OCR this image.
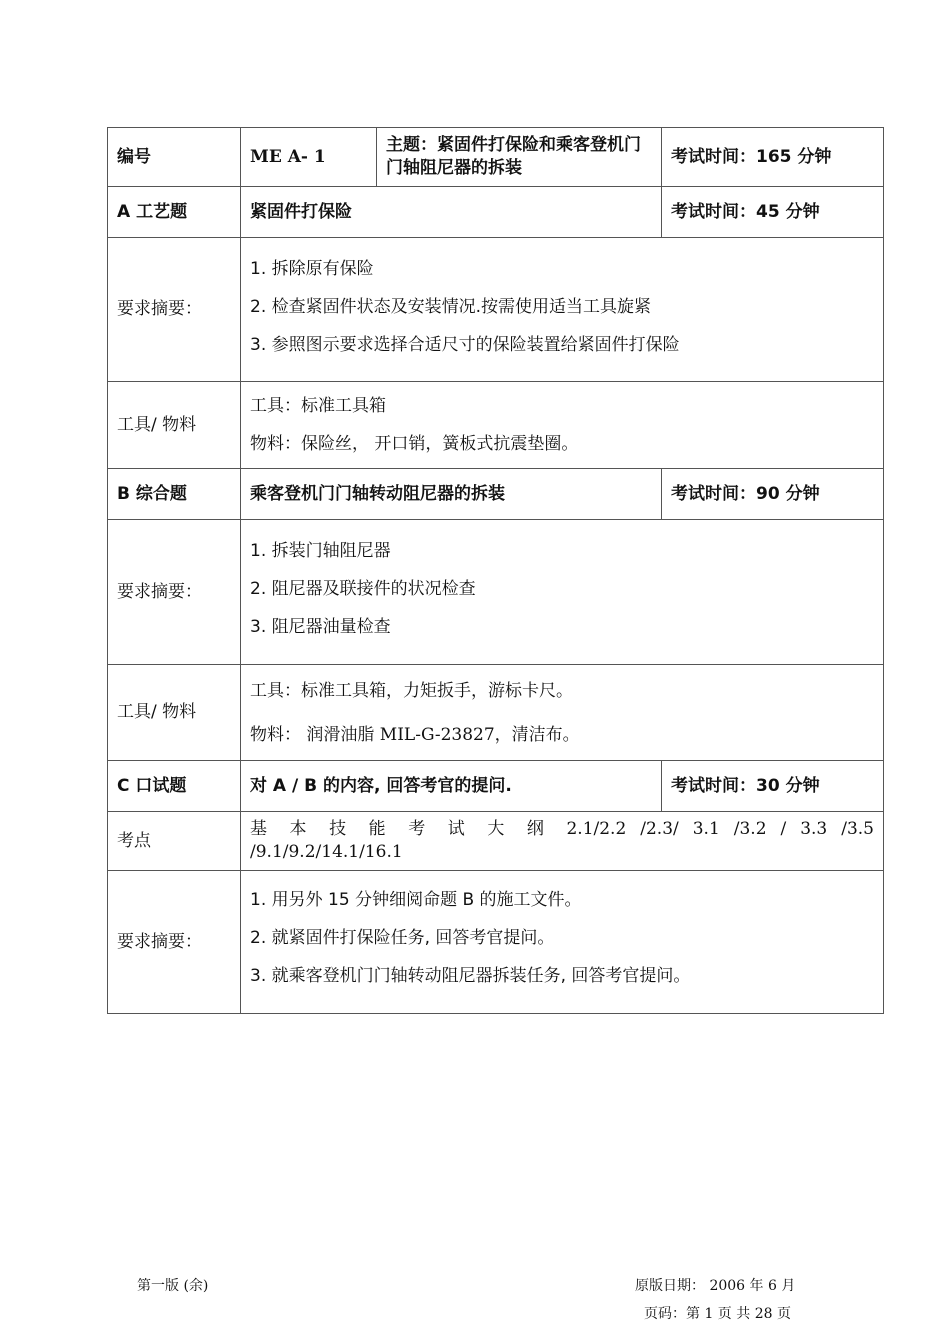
编号	ME A- 1	主题：紧固件打保险和乘客登机门门轴阻尼器的拆装	考试时间：165 分钟
A 工艺题	紧固件打保险		考试时间：45 分钟
要求摘要：	1. 拆除原有保险
2. 检查紧固件状态及安装情况.按需使用适当工具旋紧
3. 参照图示要求选择合适尺寸的保险装置给紧固件打保险		

工具/ 物料	工具：标准工具箱
物料：保险丝， 开口销，簧板式抗震垫圈。		

B 综合题	乘客登机门门轴转动阻尼器的拆装		考试时间：90 分钟
要求摘要：	1. 拆装门轴阻尼器
2. 阻尼器及联接件的状况检查
3. 阻尼器油量检查		

工具/ 物料	工具：标准工具箱，力矩扳手，游标卡尺。
物料： 润滑油脂 MIL-G-23827，清洁布。		

C 口试题	对 A / B 的内容, 回答考官的提问.		考试时间：30 分钟
考点	基 本 技 能 考 试 大 纲 2.1/2.2 /2.3/ 3.1 /3.2 / 3.3 /3.5
/9.1/9.2/14.1/16.1		

要求摘要：	1. 用另外 15 分钟细阅命题 B 的施工文件。
2. 就紧固件打保险任务, 回答考官提问。
3. 就乘客登机门门轴转动阻尼器拆装任务, 回答考官提问。		
第一版 (余)	原版日期： 2006 年 6 月
页码：第 1 页 共 28 页
